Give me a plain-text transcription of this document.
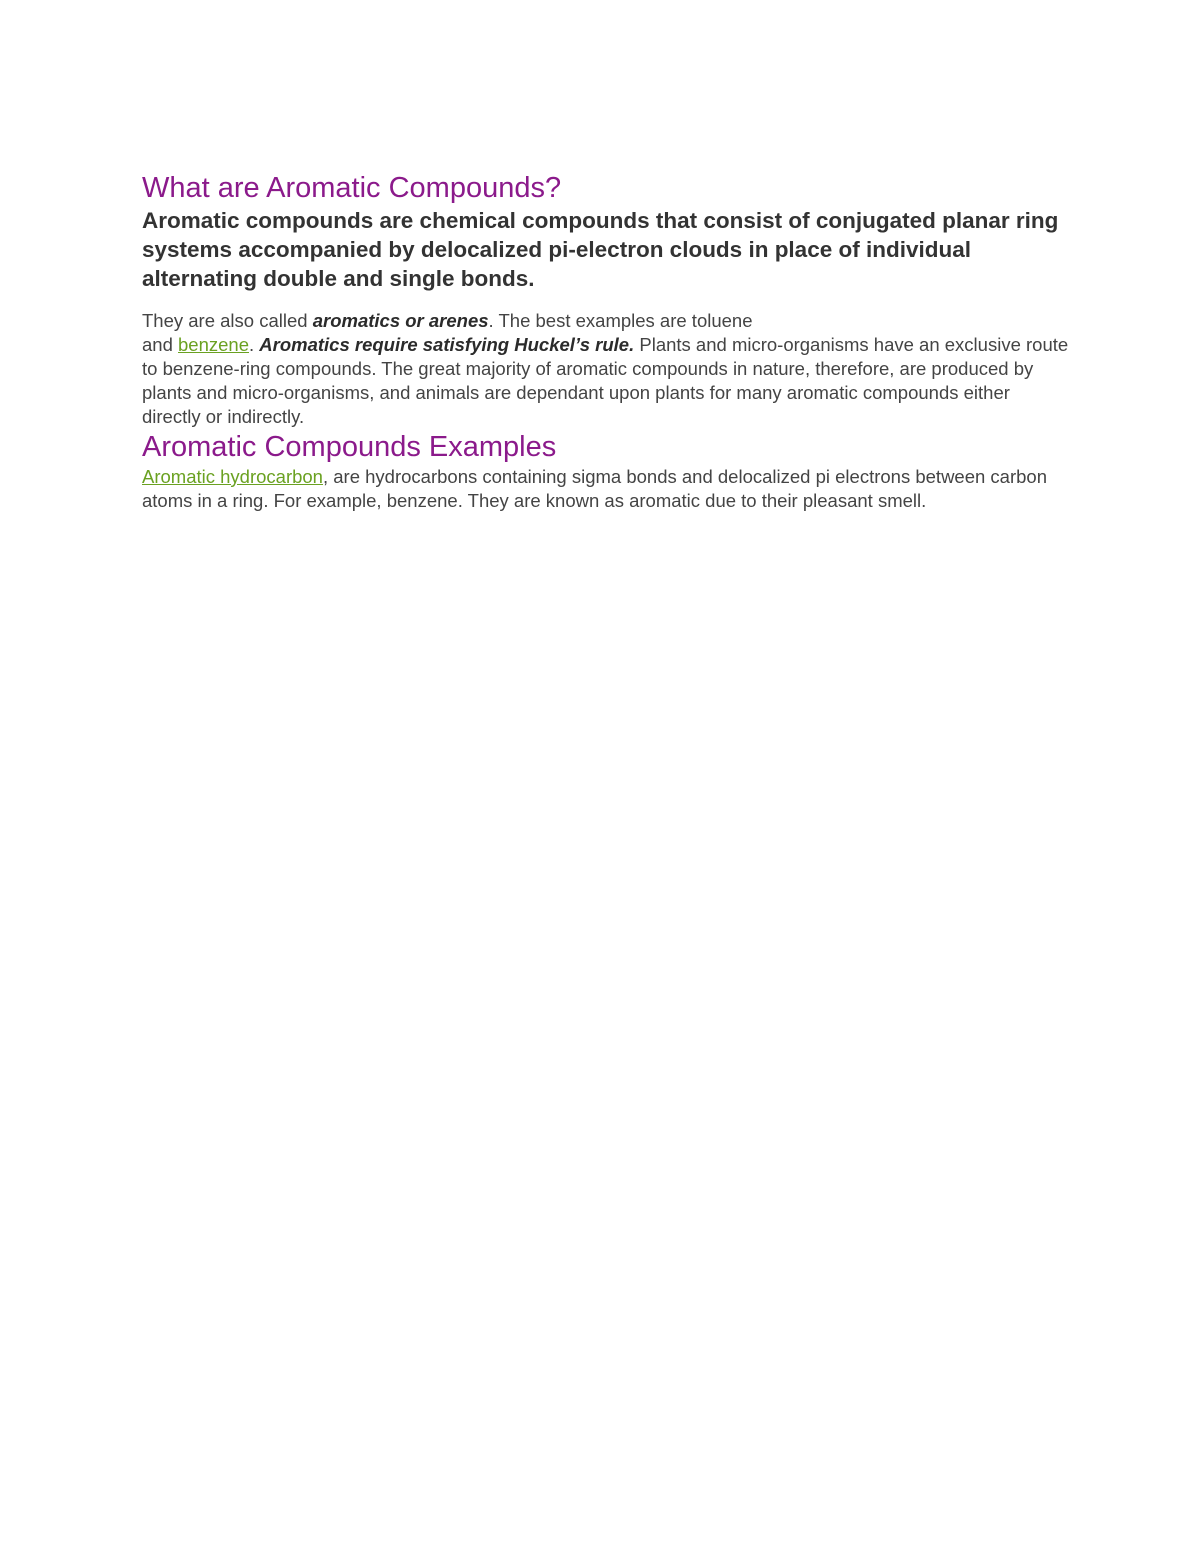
What are Aromatic Compounds?

Aromatic compounds are chemical compounds that consist of conjugated planar ring systems accompanied by delocalized pi-electron clouds in place of individual alternating double and single bonds.

They are also called aromatics or arenes. The best examples are toluene
and benzene. Aromatics require satisfying Huckel’s rule. Plants and micro-organisms have an exclusive route to benzene-ring compounds. The great majority of aromatic compounds in nature, therefore, are produced by plants and micro-organisms, and animals are dependant upon plants for many aromatic compounds either directly or indirectly.

Aromatic Compounds Examples

Aromatic hydrocarbon, are hydrocarbons containing sigma bonds and delocalized pi electrons between carbon atoms in a ring. For example, benzene. They are known as aromatic due to their pleasant smell.
